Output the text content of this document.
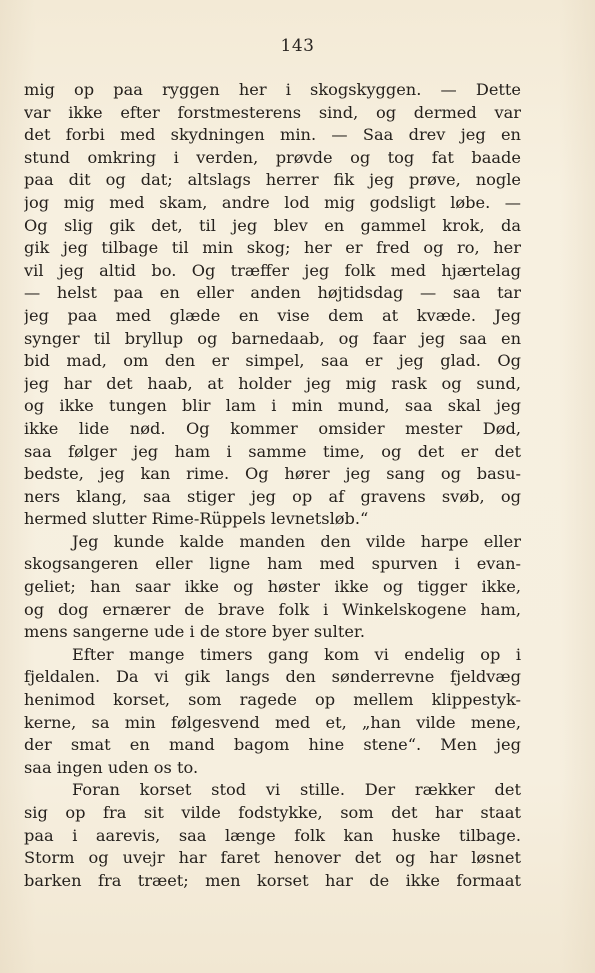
143
mig op paa ryggen her i skogskyggen. — Dette
var ikke efter forstmesterens sind, og dermed var
det forbi med skydningen min. — Saa drev jeg en
stund omkring i verden, prøvde og tog fat baade
paa dit og dat; altslags herrer fik jeg prøve, nogle
jog mig med skam, andre lod mig godsligt løbe. —
Og slig gik det, til jeg blev en gammel krok, da
gik jeg tilbage til min skog; her er fred og ro, her
vil jeg altid bo. Og træffer jeg folk med hjærtelag
— helst paa en eller anden højtidsdag — saa tar
jeg paa med glæde en vise dem at kvæde. Jeg
synger til bryllup og barnedaab, og faar jeg saa en
bid mad, om den er simpel, saa er jeg glad. Og
jeg har det haab, at holder jeg mig rask og sund,
og ikke tungen blir lam i min mund, saa skal jeg
ikke lide nød. Og kommer omsider mester Død,
saa følger jeg ham i samme time, og det er det
bedste, jeg kan rime. Og hører jeg sang og basu-
ners klang, saa stiger jeg op af gravens svøb, og
hermed slutter Rime-Rüppels levnetsløb.“
Jeg kunde kalde manden den vilde harpe eller
skogsangeren eller ligne ham med spurven i evan-
geliet; han saar ikke og høster ikke og tigger ikke,
og dog ernærer de brave folk i Winkelskogene ham,
mens sangerne ude i de store byer sulter.
Efter mange timers gang kom vi endelig op i
fjeldalen. Da vi gik langs den sønderrevne fjeldvæg
henimod korset, som ragede op mellem klippestyk-
kerne, sa min følgesvend med et, „han vilde mene,
der smat en mand bagom hine stene“. Men jeg
saa ingen uden os to.
Foran korset stod vi stille. Der rækker det
sig op fra sit vilde fodstykke, som det har staat
paa i aarevis, saa længe folk kan huske tilbage.
Storm og uvejr har faret henover det og har løsnet
barken fra træet; men korset har de ikke formaat
